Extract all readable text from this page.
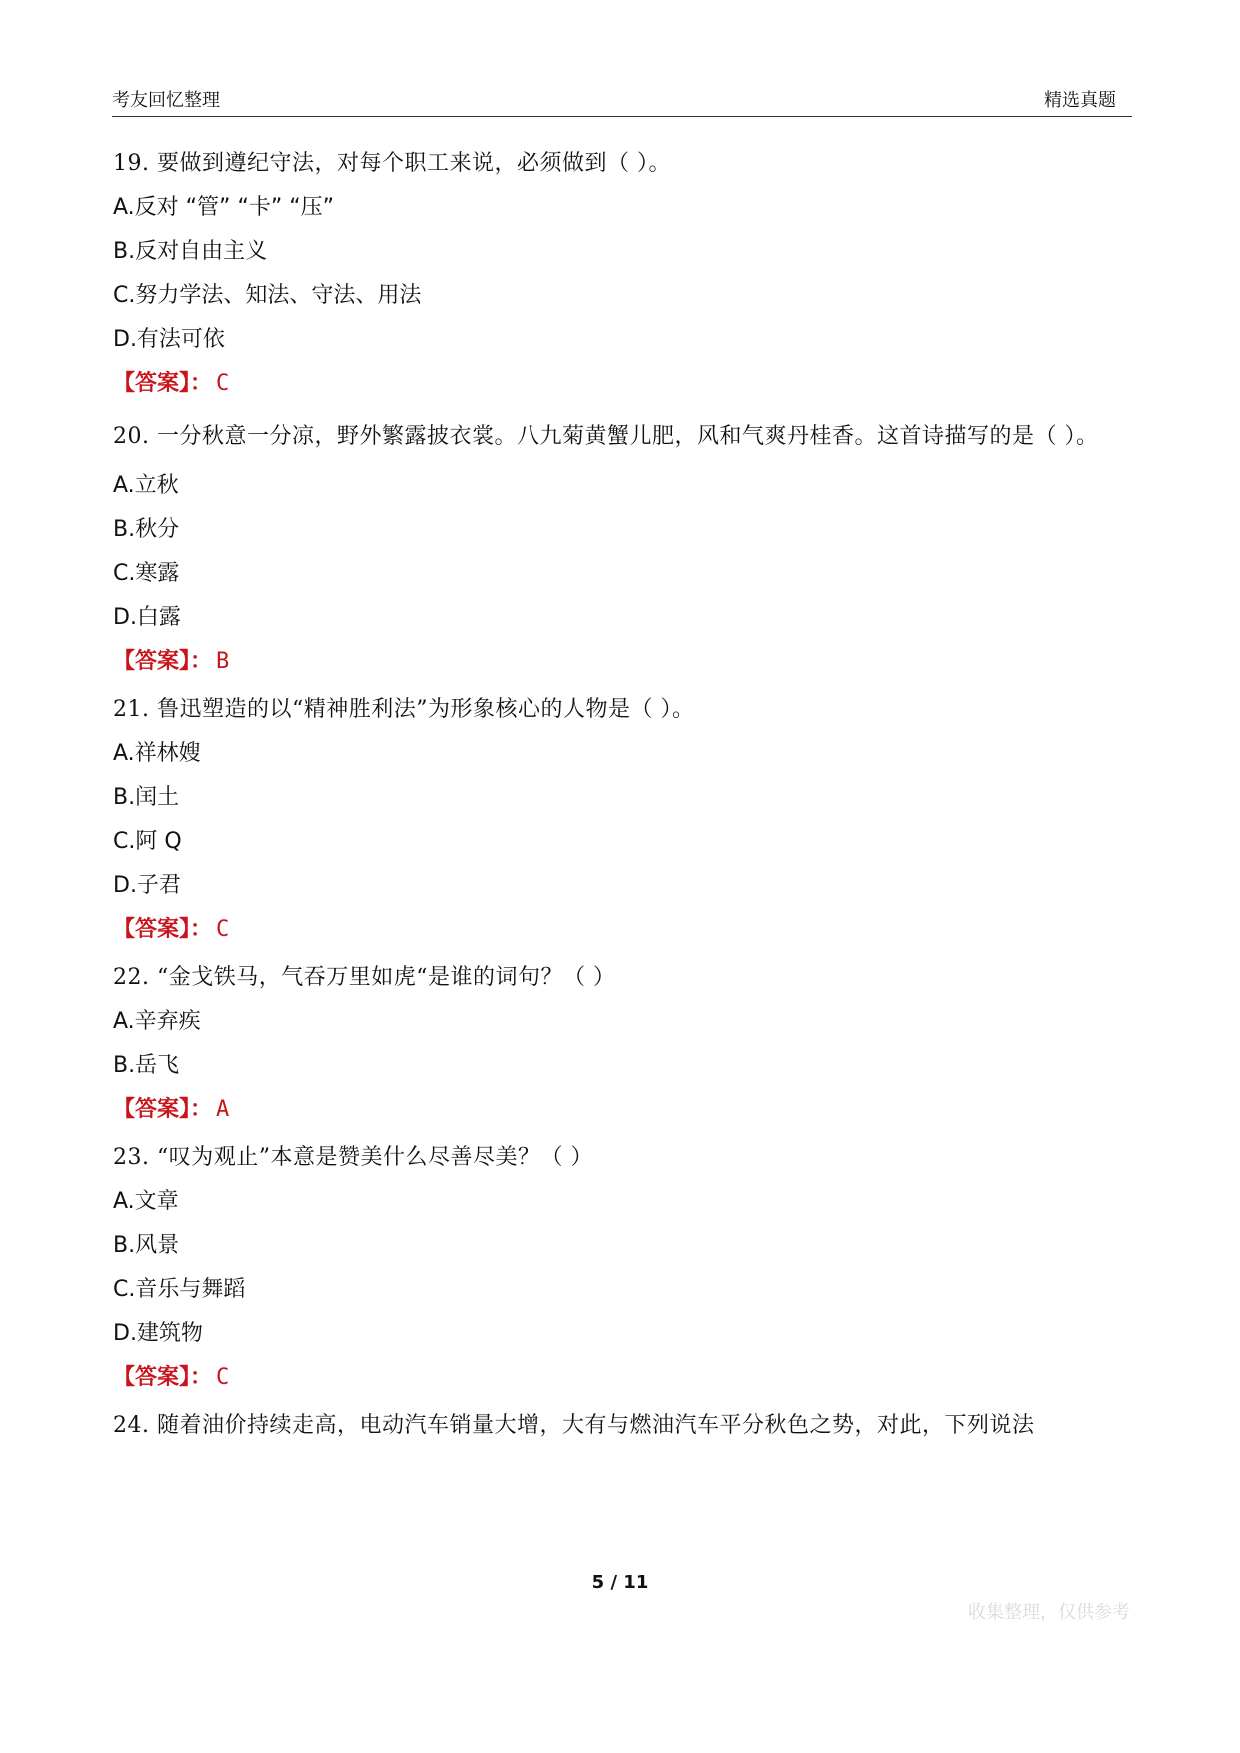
考友回忆整理	精选真题
19. 要做到遵纪守法，对每个职工来说，必须做到（ ）。
A.反对 “管” “卡” “压”
B.反对自由主义
C.努力学法、知法、守法、用法
D.有法可依
【答案】： C
20. 一分秋意一分凉，野外繁露披衣裳。八九菊黄蟹儿肥，风和气爽丹桂香。这首诗描写的是（ ）。
A.立秋
B.秋分
C.寒露
D.白露
【答案】： B
21. 鲁迅塑造的以“精神胜利法”为形象核心的人物是（ ）。
A.祥林嫂
B.闰土
C.阿 Q
D.子君
【答案】： C
22. “金戈铁马，气吞万里如虎“是谁的词句？（ ）
A.辛弃疾
B.岳飞
【答案】： A
23. “叹为观止”本意是赞美什么尽善尽美？（ ）
A.文章
B.风景
C.音乐与舞蹈
D.建筑物
【答案】： C
24. 随着油价持续走高，电动汽车销量大增，大有与燃油汽车平分秋色之势，对此，下列说法
5 / 11
收集整理，仅供参考
